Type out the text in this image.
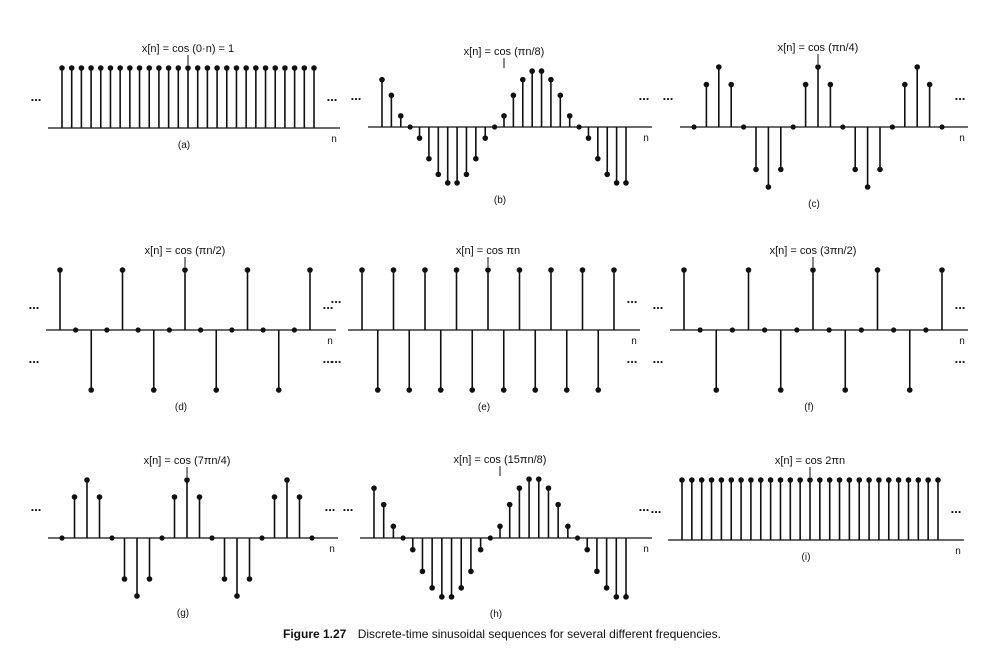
n
x[n] = cos (0·n) = 1
...	...
(a)
n
x[n] = cos (πn/8)
...	...
(b)
n
x[n] = cos (πn/4)
...	...
(c)
n
x[n] = cos (πn/2)
...	...
...	...
(d)
n
x[n] = cos πn
...	...
...	...
(e)
n
x[n] = cos (3πn/2)
...	...
...	...
(f)
n
x[n] = cos (7πn/4)
...	...
(g)
n
x[n] = cos (15πn/8)
...	...
(h)
n
x[n] = cos 2πn
...	...
(i)
Figure 1.27 Discrete-time sinusoidal sequences for several different frequencies.
